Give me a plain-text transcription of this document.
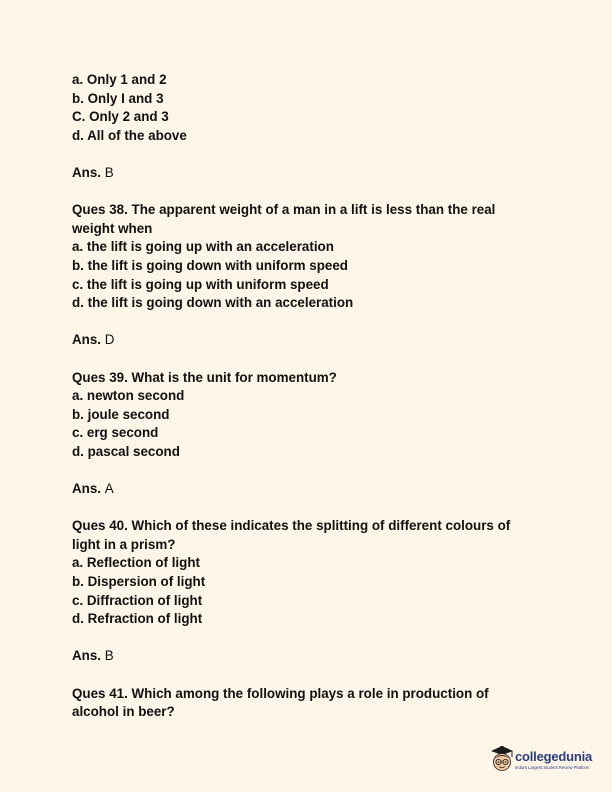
a. Only 1 and 2
b. Only I and 3
C. Only 2 and 3
d. All of the above
Ans. B
Ques 38. The apparent weight of a man in a lift is less than the real
weight when
a. the lift is going up with an acceleration
b. the lift is going down with uniform speed
c. the lift is going up with uniform speed
d. the lift is going down with an acceleration
Ans. D
Ques 39. What is the unit for momentum?
a. newton second
b. joule second
c. erg second
d. pascal second
Ans. A
Ques 40. Which of these indicates the splitting of different colours of
light in a prism?
a. Reflection of light
b. Dispersion of light
c. Diffraction of light
d. Refraction of light
Ans. B
Ques 41. Which among the following plays a role in production of
alcohol in beer?
collegedunia
India's Largest Student Review Platform
